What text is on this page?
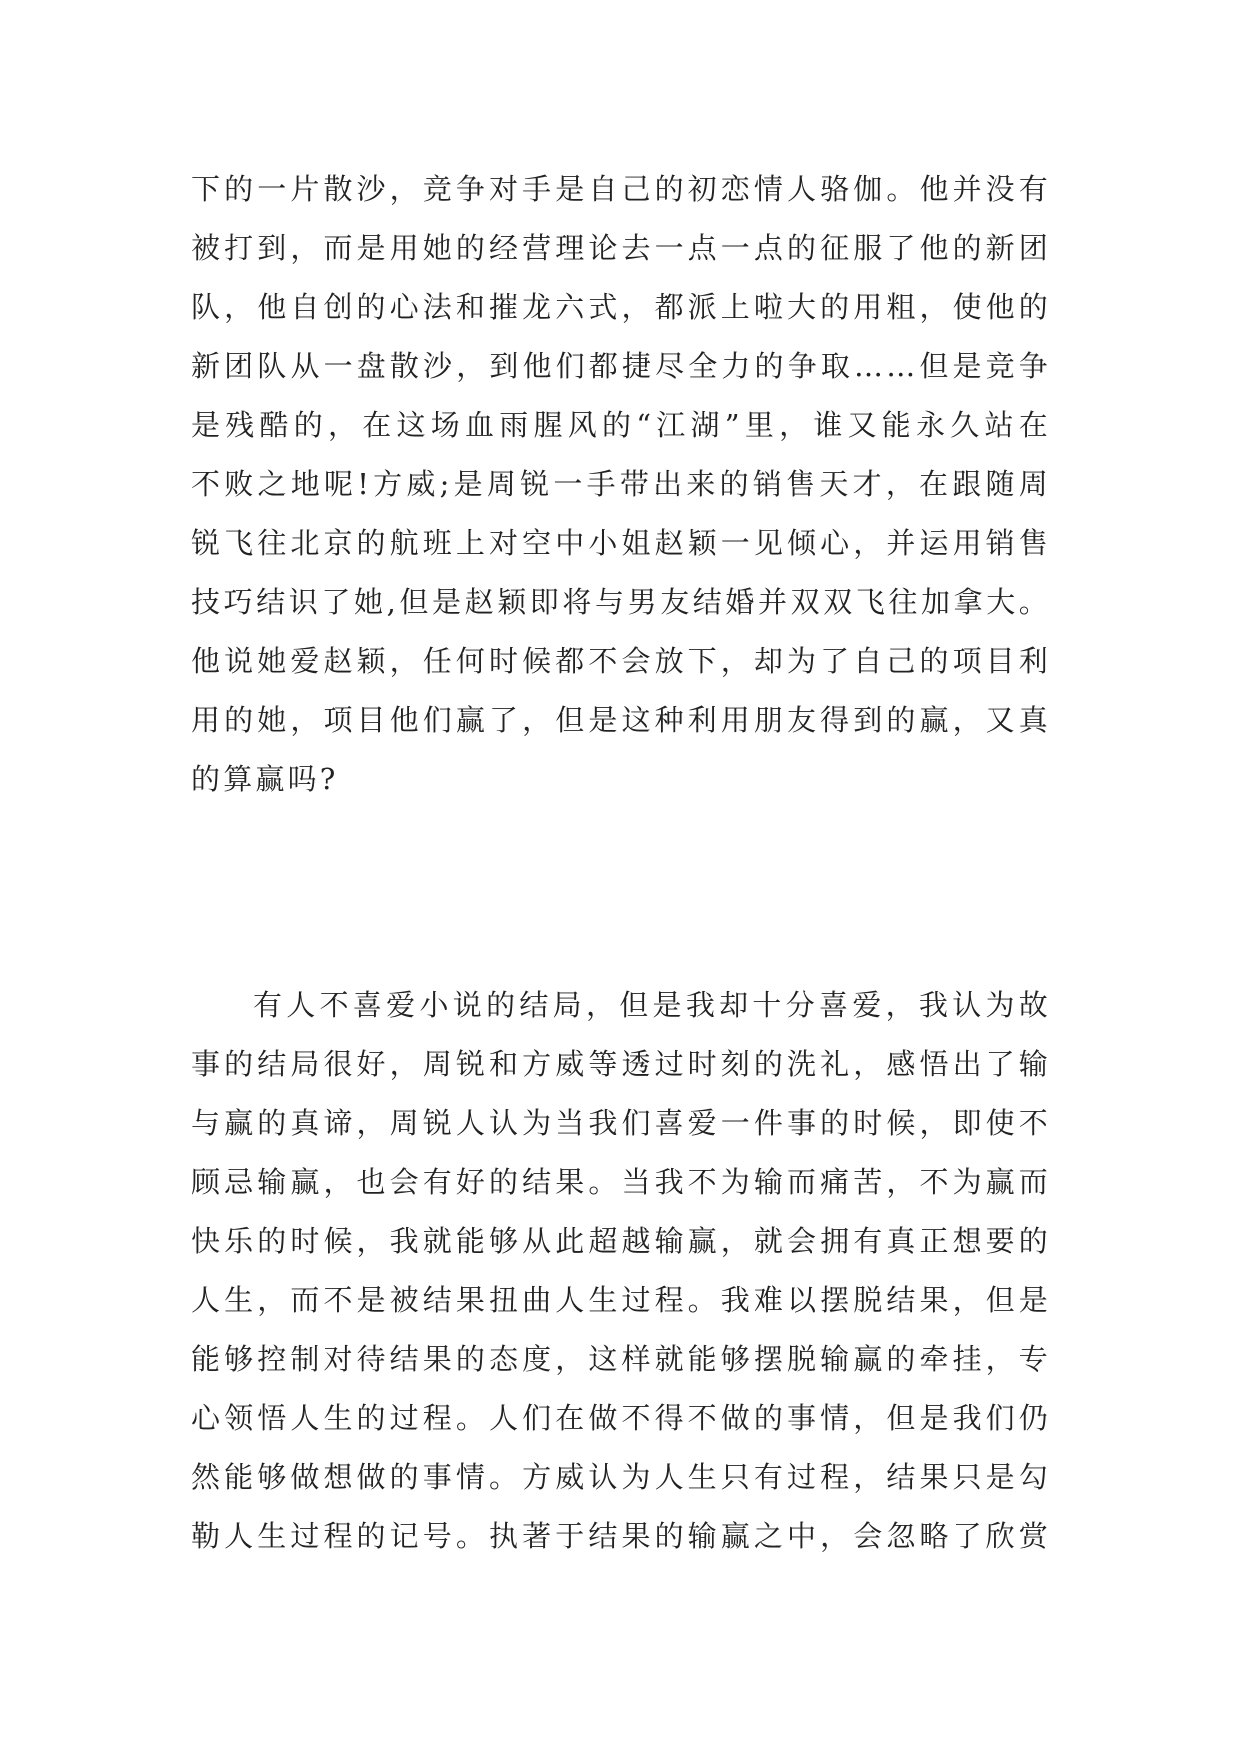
下的一片散沙，竞争对手是自己的初恋情人骆伽。他并没有
被打到，而是用她的经营理论去一点一点的征服了他的新团
队，他自创的心法和摧龙六式，都派上啦大的用粗，使他的
新团队从一盘散沙，到他们都捷尽全力的争取……但是竞争
是残酷的，在这场血雨腥风的“江湖”里，谁又能永久站在
不败之地呢!方威;是周锐一手带出来的销售天才，在跟随周
锐飞往北京的航班上对空中小姐赵颖一见倾心，并运用销售
技巧结识了她,但是赵颖即将与男友结婚并双双飞往加拿大。
他说她爱赵颖，任何时候都不会放下，却为了自己的项目利
用的她，项目他们赢了，但是这种利用朋友得到的赢，又真
的算赢吗?
有人不喜爱小说的结局，但是我却十分喜爱，我认为故
事的结局很好，周锐和方威等透过时刻的洗礼，感悟出了输
与赢的真谛，周锐人认为当我们喜爱一件事的时候，即使不
顾忌输赢，也会有好的结果。当我不为输而痛苦，不为赢而
快乐的时候，我就能够从此超越输赢，就会拥有真正想要的
人生，而不是被结果扭曲人生过程。我难以摆脱结果，但是
能够控制对待结果的态度，这样就能够摆脱输赢的牵挂，专
心领悟人生的过程。人们在做不得不做的事情，但是我们仍
然能够做想做的事情。方威认为人生只有过程，结果只是勾
勒人生过程的记号。执著于结果的输赢之中，会忽略了欣赏
